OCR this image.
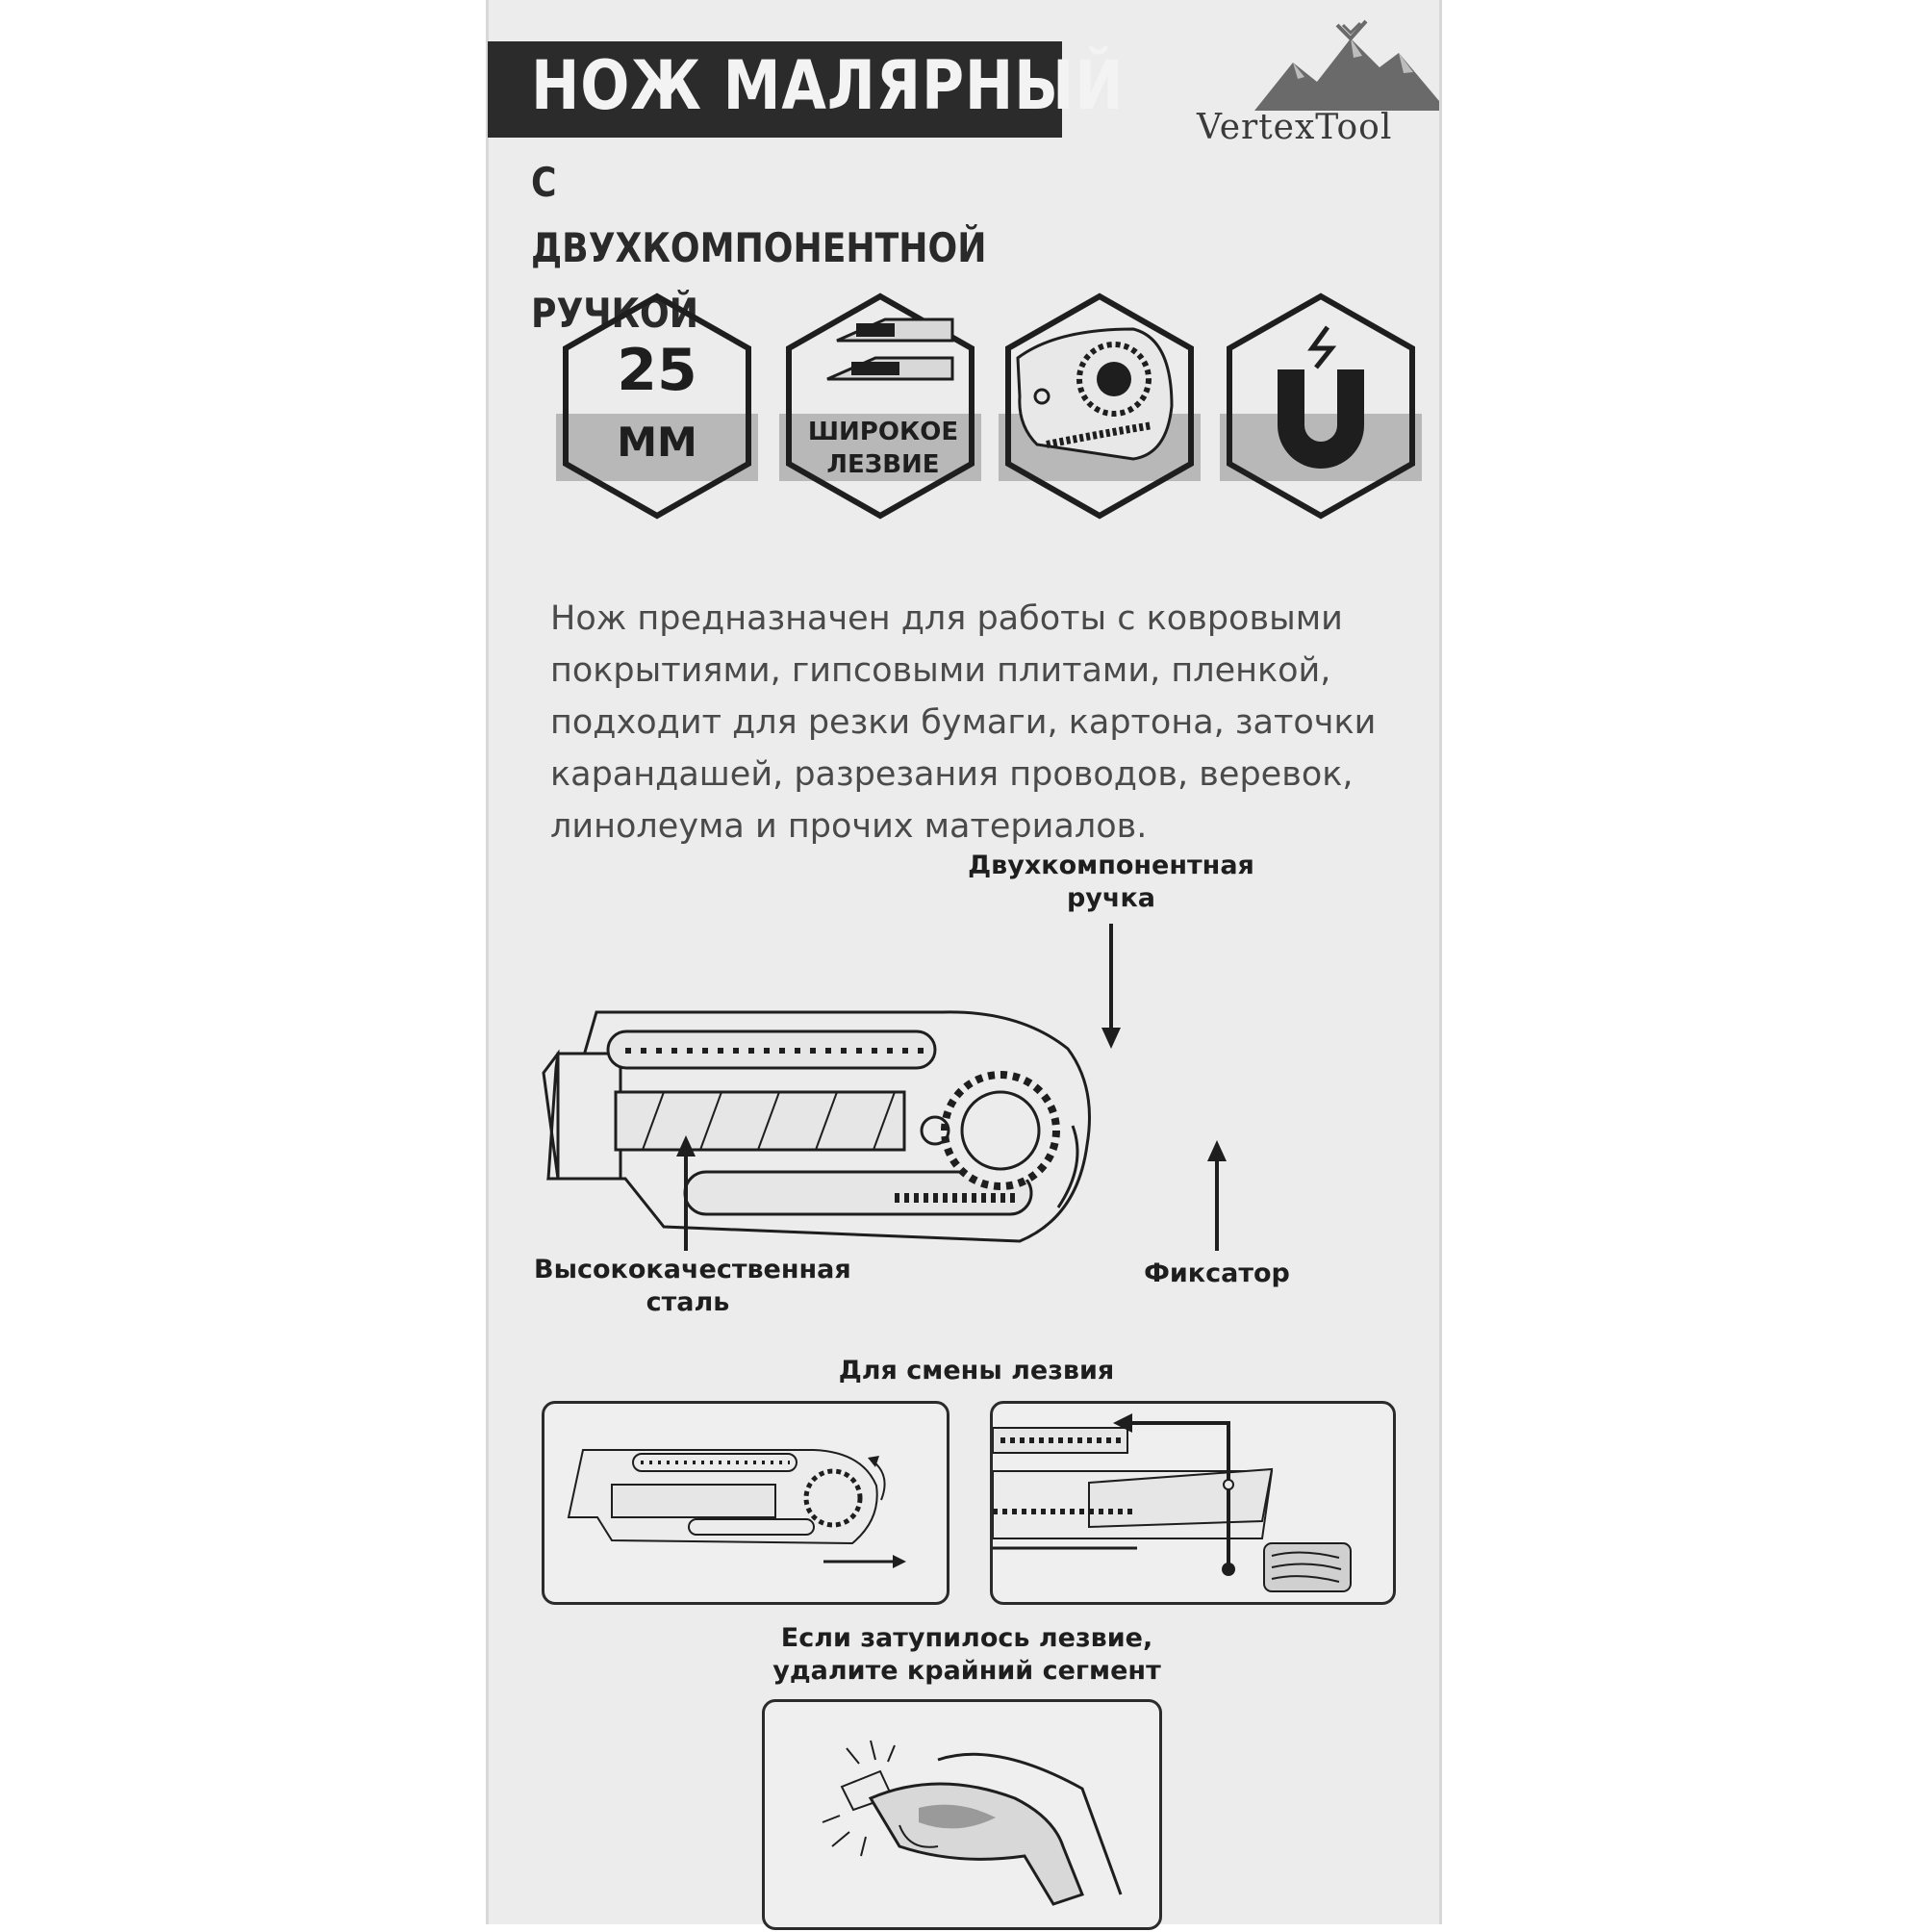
НОЖ МАЛЯРНЫЙ
С ДВУХКОМПОНЕНТНОЙ
РУЧКОЙ
VertexTool
25
ММ	ШИРОКОЕ
ЛЕЗВИЕ
Нож предназначен для работы с ковровыми покрытиями, гипсовыми плитами, пленкой, подходит для резки бумаги, картона, заточки карандашей, разрезания проводов, веревок, линолеума и прочих материалов.
Двухкомпонентная
ручка
Высококачественная
сталь
Фиксатор
Для смены лезвия
Если затупилось лезвие,
удалите крайний сегмент
